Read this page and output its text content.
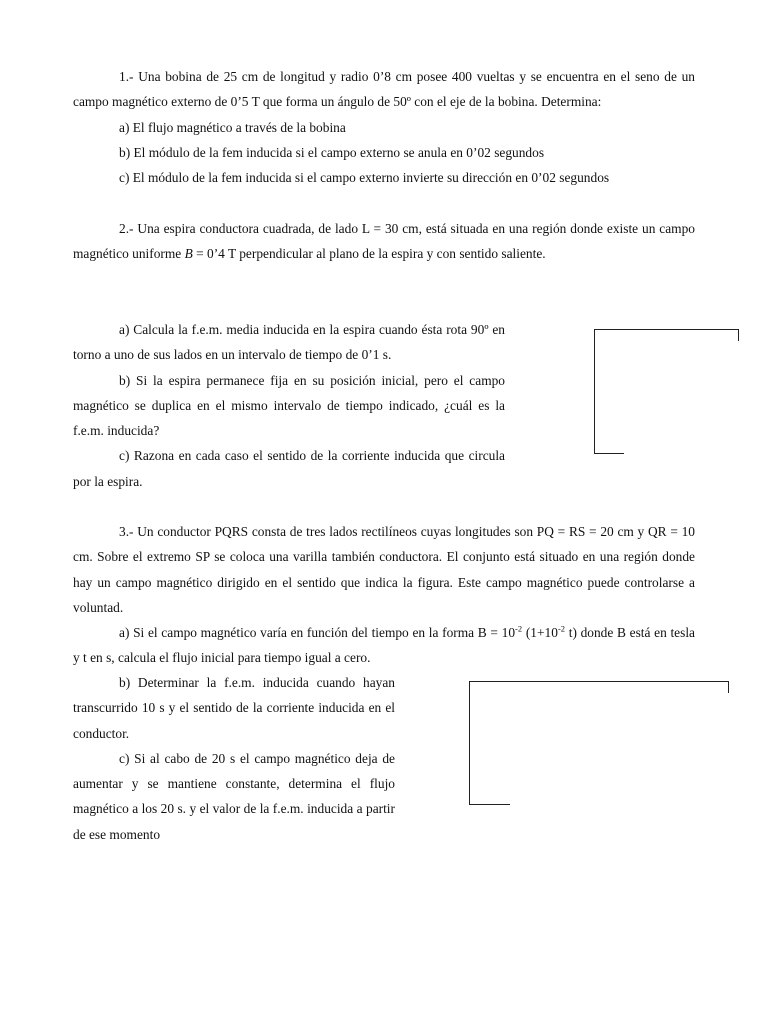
1.- Una bobina de 25 cm de longitud y radio 0’8 cm posee 400 vueltas y se encuentra en el seno de un campo magnético externo de 0’5 T que forma un ángulo de 50º con el eje de la bobina. Determina:

a) El flujo magnético a través de la bobina

b) El módulo de la fem inducida si el campo externo se anula en 0’02 segundos

c) El módulo de la fem inducida si el campo externo invierte su dirección en 0’02 segundos

2.- Una espira conductora cuadrada, de lado L = 30 cm, está situada en una región donde existe un campo magnético uniforme B = 0’4 T perpendicular al plano de la espira y con sentido saliente.

a) Calcula la f.e.m. media inducida en la espira cuando ésta rota 90º en torno a uno de sus lados en un intervalo de tiempo de 0’1 s.

b) Si la espira permanece fija en su posición inicial, pero el campo magnético se duplica en el mismo intervalo de tiempo indicado, ¿cuál es la f.e.m. inducida?

c) Razona en cada caso el sentido de la corriente inducida que circula por la espira.

3.- Un conductor PQRS consta de tres lados rectilíneos cuyas longitudes son PQ = RS = 20 cm y QR = 10 cm. Sobre el extremo SP se coloca una varilla también conductora. El conjunto está situado en una región donde hay un campo magnético dirigido en el sentido que indica la figura. Este campo magnético puede controlarse a voluntad.

a) Si el campo magnético varía en función del tiempo en la forma $B = 10^{-2}$ ($1+10^{-2}$ t) donde B está en tesla y t en s, calcula el flujo inicial para tiempo igual a cero.

b) Determinar la f.e.m. inducida cuando hayan transcurrido 10 s y el sentido de la corriente inducida en el conductor.

c) Si al cabo de 20 s el campo magnético deja de aumentar y se mantiene constante, determina el flujo magnético a los 20 s. y el valor de la f.e.m. inducida a partir de ese momento
